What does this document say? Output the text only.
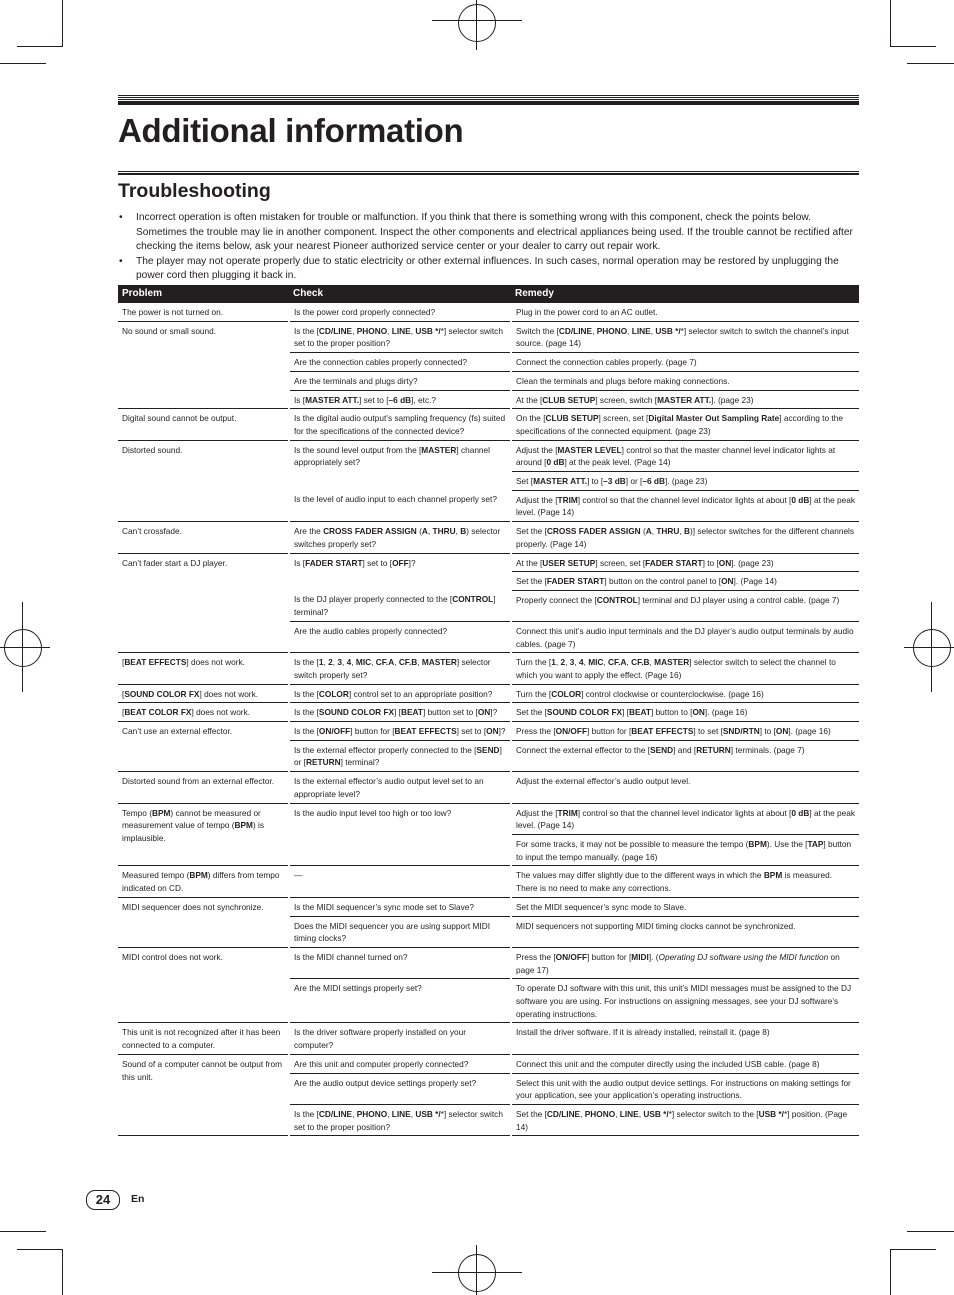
Additional information
Troubleshooting
• Incorrect operation is often mistaken for trouble or malfunction. If you think that there is something wrong with this component, check the points below. Sometimes the trouble may lie in another component. Inspect the other components and electrical appliances being used. If the trouble cannot be rectified after checking the items below, ask your nearest Pioneer authorized service center or your dealer to carry out repair work.
• The player may not operate properly due to static electricity or other external influences. In such cases, normal operation may be restored by unplugging the power cord then plugging it back in.
Problem	Check	Remedy
The power is not turned on.	Is the power cord properly connected?	Plug in the power cord to an AC outlet.
No sound or small sound.	Is the [CD/LINE, PHONO, LINE, USB */*] selector switch set to the proper position?	Switch the [CD/LINE, PHONO, LINE, USB */*] selector switch to switch the channel’s input source. (page 14)
	Are the connection cables properly connected?	Connect the connection cables properly. (page 7)
	Are the terminals and plugs dirty?	Clean the terminals and plugs before making connections.
	Is [MASTER ATT.] set to [–6 dB], etc.?	At the [CLUB SETUP] screen, switch [MASTER ATT.]. (page 23)
Digital sound cannot be output.	Is the digital audio output’s sampling frequency (fs) suited for the specifications of the connected device?	On the [CLUB SETUP] screen, set [Digital Master Out Sampling Rate] according to the specifications of the connected equipment. (page 23)
Distorted sound.	Is the sound level output from the [MASTER] channel appropriately set?	Adjust the [MASTER LEVEL] control so that the master channel level indicator lights at around [0 dB] at the peak level. (Page 14)
		Set [MASTER ATT.] to [–3 dB] or [–6 dB]. (page 23)
	Is the level of audio input to each channel properly set?	Adjust the [TRIM] control so that the channel level indicator lights at about [0 dB] at the peak level. (Page 14)
Can’t crossfade.	Are the CROSS FADER ASSIGN (A, THRU, B) selector switches properly set?	Set the [CROSS FADER ASSIGN (A, THRU, B)] selector switches for the different channels properly. (Page 14)
Can’t fader start a DJ player.	Is [FADER START] set to [OFF]?	At the [USER SETUP] screen, set [FADER START] to [ON]. (page 23)
		Set the [FADER START] button on the control panel to [ON]. (Page 14)
	Is the DJ player properly connected to the [CONTROL] terminal?	Properly connect the [CONTROL] terminal and DJ player using a control cable. (page 7)
	Are the audio cables properly connected?	Connect this unit’s audio input terminals and the DJ player’s audio output terminals by audio cables. (page 7)
[BEAT EFFECTS] does not work.	Is the [1, 2, 3, 4, MIC, CF.A, CF.B, MASTER] selector switch properly set?	Turn the [1, 2, 3, 4, MIC, CF.A, CF.B, MASTER] selector switch to select the channel to which you want to apply the effect. (Page 16)
[SOUND COLOR FX] does not work.	Is the [COLOR] control set to an appropriate position?	Turn the [COLOR] control clockwise or counterclockwise. (page 16)
[BEAT COLOR FX] does not work.	Is the [SOUND COLOR FX] [BEAT] button set to [ON]?	Set the [SOUND COLOR FX] [BEAT] button to [ON]. (page 16)
Can’t use an external effector.	Is the [ON/OFF] button for [BEAT EFFECTS] set to [ON]?	Press the [ON/OFF] button for [BEAT EFFECTS] to set [SND/RTN] to [ON]. (page 16)
	Is the external effector properly connected to the [SEND] or [RETURN] terminal?	Connect the external effector to the [SEND] and [RETURN] terminals. (page 7)
Distorted sound from an external effector.	Is the external effector’s audio output level set to an appropriate level?	Adjust the external effector’s audio output level.
Tempo (BPM) cannot be measured or measurement value of tempo (BPM) is implausible.	Is the audio input level too high or too low?	Adjust the [TRIM] control so that the channel level indicator lights at about [0 dB] at the peak level. (Page 14)
		For some tracks, it may not be possible to measure the tempo (BPM). Use the [TAP] button to input the tempo manually. (page 16)
Measured tempo (BPM) differs from tempo indicated on CD.	—	The values may differ slightly due to the different ways in which the BPM is measured. There is no need to make any corrections.
MIDI sequencer does not synchronize.	Is the MIDI sequencer’s sync mode set to Slave?	Set the MIDI sequencer’s sync mode to Slave.
	Does the MIDI sequencer you are using support MIDI timing clocks?	MIDI sequencers not supporting MIDI timing clocks cannot be synchronized.
MIDI control does not work.	Is the MIDI channel turned on?	Press the [ON/OFF] button for [MIDI]. (Operating DJ software using the MIDI function on page 17)
	Are the MIDI settings properly set?	To operate DJ software with this unit, this unit’s MIDI messages must be assigned to the DJ software you are using. For instructions on assigning messages, see your DJ software’s operating instructions.
This unit is not recognized after it has been connected to a computer.	Is the driver software properly installed on your computer?	Install the driver software. If it is already installed, reinstall it. (page 8)
Sound of a computer cannot be output from this unit.	Are this unit and computer properly connected?	Connect this unit and the computer directly using the included USB cable. (page 8)
	Are the audio output device settings properly set?	Select this unit with the audio output device settings. For instructions on making settings for your application, see your application’s operating instructions.
	Is the [CD/LINE, PHONO, LINE, USB */*] selector switch set to the proper position?	Set the [CD/LINE, PHONO, LINE, USB */*] selector switch to the [USB */*] position. (Page 14)
24	En
